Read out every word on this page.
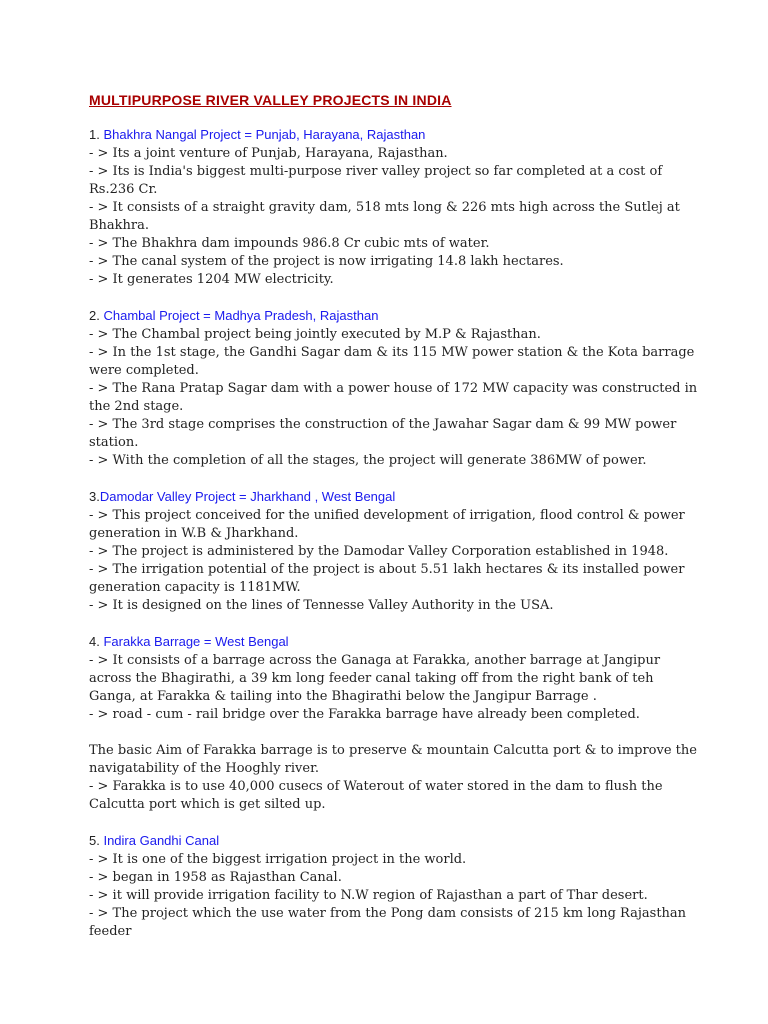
MULTIPURPOSE RIVER VALLEY PROJECTS IN INDIA
1. Bhakhra Nangal Project = Punjab, Harayana, Rajasthan
- > Its a joint venture of Punjab, Harayana, Rajasthan.
- > Its is India's biggest multi-purpose river valley project so far completed at a cost of Rs.236 Cr.
- > It consists of a straight gravity dam, 518 mts long & 226 mts high across the Sutlej at Bhakhra.
- > The Bhakhra dam impounds 986.8 Cr cubic mts of water.
- > The canal system of the project is now irrigating 14.8 lakh hectares.
- > It generates 1204 MW electricity.
2. Chambal Project = Madhya Pradesh, Rajasthan
- > The Chambal project being jointly executed by M.P & Rajasthan.
- > In the 1st stage, the Gandhi Sagar dam & its 115 MW power station & the Kota barrage were completed.
- > The Rana Pratap Sagar dam with a power house of 172 MW capacity was constructed in the 2nd stage.
- > The 3rd stage comprises the construction of the Jawahar Sagar dam & 99 MW power station.
- > With the completion of all the stages, the project will generate 386MW of power.
3.Damodar Valley Project = Jharkhand , West Bengal
- > This project conceived for the unified development of irrigation, flood control & power generation in W.B & Jharkhand.
- > The project is administered by the Damodar Valley Corporation established in 1948.
- > The irrigation potential of the project is about 5.51 lakh hectares & its installed power generation capacity is 1181MW.
- > It is designed on the lines of Tennesse Valley Authority in the USA.
4. Farakka Barrage = West Bengal
- > It consists of a barrage across the Ganaga at Farakka, another barrage at Jangipur across the Bhagirathi, a 39 km long feeder canal taking off from the right bank of teh Ganga, at Farakka & tailing into the Bhagirathi below the Jangipur Barrage .
- > road - cum - rail bridge over the Farakka barrage have already been completed.
The basic Aim of Farakka barrage is to preserve & mountain Calcutta port & to improve the navigatability of the Hooghly river.
- > Farakka is to use 40,000 cusecs of Waterout of water stored in the dam to flush the Calcutta port which is get silted up.
5. Indira Gandhi Canal
- > It is one of the biggest irrigation project in the world.
- > began in 1958 as Rajasthan Canal.
- > it will provide irrigation facility to N.W region of Rajasthan a part of Thar desert.
- > The project which the use water from the Pong dam consists of 215 km long Rajasthan feeder
